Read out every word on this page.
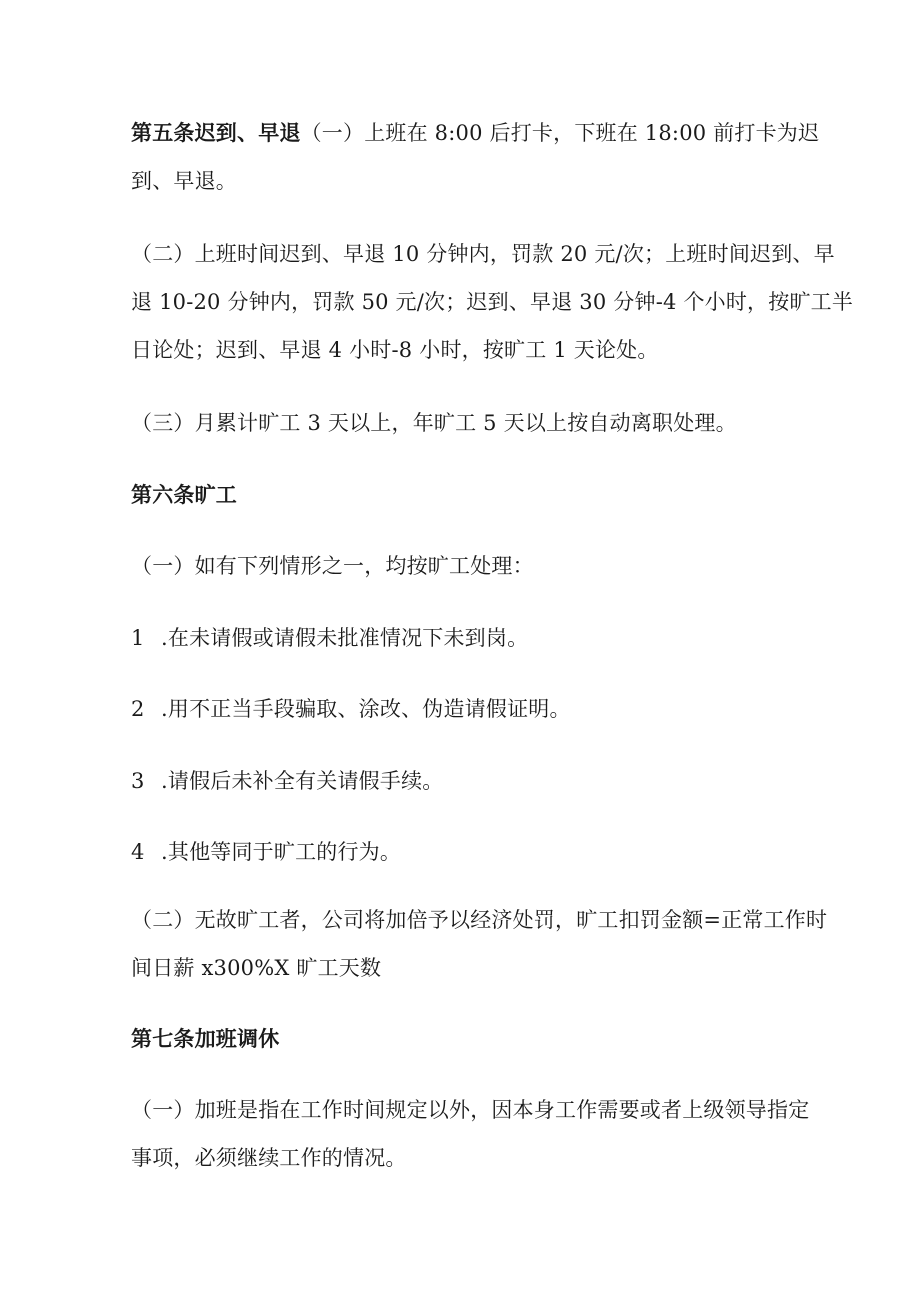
第五条迟到、早退（一）上班在 8:00 后打卡，下班在 18:00 前打卡为迟
到、早退。
（二）上班时间迟到、早退 10 分钟内，罚款 20 元/次；上班时间迟到、早
退 10-20 分钟内，罚款 50 元/次；迟到、早退 30 分钟-4 个小时，按旷工半
日论处；迟到、早退 4 小时-8 小时，按旷工 1 天论处。
（三）月累计旷工 3 天以上，年旷工 5 天以上按自动离职处理。
第六条旷工
（一）如有下列情形之一，均按旷工处理：
1 .在未请假或请假未批准情况下未到岗。
2 .用不正当手段骗取、涂改、伪造请假证明。
3 .请假后未补全有关请假手续。
4 .其他等同于旷工的行为。
（二）无故旷工者，公司将加倍予以经济处罚，旷工扣罚金额=正常工作时
间日薪 x300%X 旷工天数
第七条加班调休
（一）加班是指在工作时间规定以外，因本身工作需要或者上级领导指定
事项，必须继续工作的情况。
